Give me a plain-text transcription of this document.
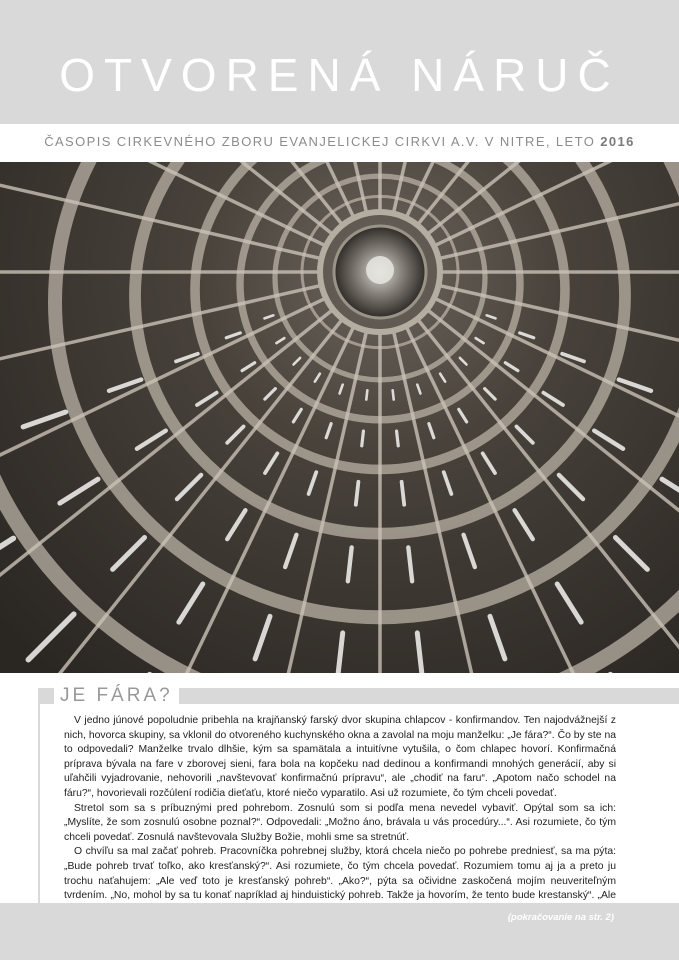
OTVORENÁ NÁRUČ
ČASOPIS CIRKEVNÉHO ZBORU EVANJELICKEJ CIRKVI A.V. V NITRE, LETO 2016
JE FÁRA?

V jedno júnové popoludnie pribehla na krajňanský farský dvor skupina chlapcov - konfirmandov. Ten najodvážnejší z nich, hovorca skupiny, sa vklonil do otvoreného kuchynského okna a zavolal na moju manželku: „Je fára?“. Čo by ste na to odpovedali? Manželke trvalo dlhšie, kým sa spamätala a intuitívne vytušila, o čom chlapec hovorí. Konfirmačná príprava bývala na fare v zborovej sieni, fara bola na kopčeku nad dedinou a konfirmandi mnohých generácií, aby si uľahčili vyjadrovanie, nehovorili „navštevovať konfirmačnú prípravu“, ale „chodiť na faru“. „Apotom načo schodel na fáru?“, hovorievali rozčúlení rodičia dieťaťu, ktoré niečo vyparatilo. Asi už rozumiete, čo tým chceli povedať.

Stretol som sa s príbuznými pred pohrebom. Zosnulú som si podľa mena nevedel vybaviť. Opýtal som sa ich: „Myslíte, že som zosnulú osobne poznal?“. Odpovedali: „Možno áno, brávala u vás procedúry...“. Asi rozumiete, čo tým chceli povedať. Zosnulá navštevovala Služby Božie, mohli sme sa stretnúť.

O chvíľu sa mal začať pohreb. Pracovníčka pohrebnej služby, ktorá chcela niečo po pohrebe predniesť, sa ma pýta: „Bude pohreb trvať toľko, ako kresťanský?“. Asi rozumiete, čo tým chcela povedať. Rozumiem tomu aj ja a preto ju trochu naťahujem: „Ale veď toto je kresťanský pohreb“. „Ako?“, pýta sa očividne zaskočená mojím neuveriteľným tvrdením. „No, mohol by sa tu konať napríklad aj hinduistický pohreb. Takže ja hovorím, že tento bude krestanský“. „Ale

(pokračovanie na str. 2)
